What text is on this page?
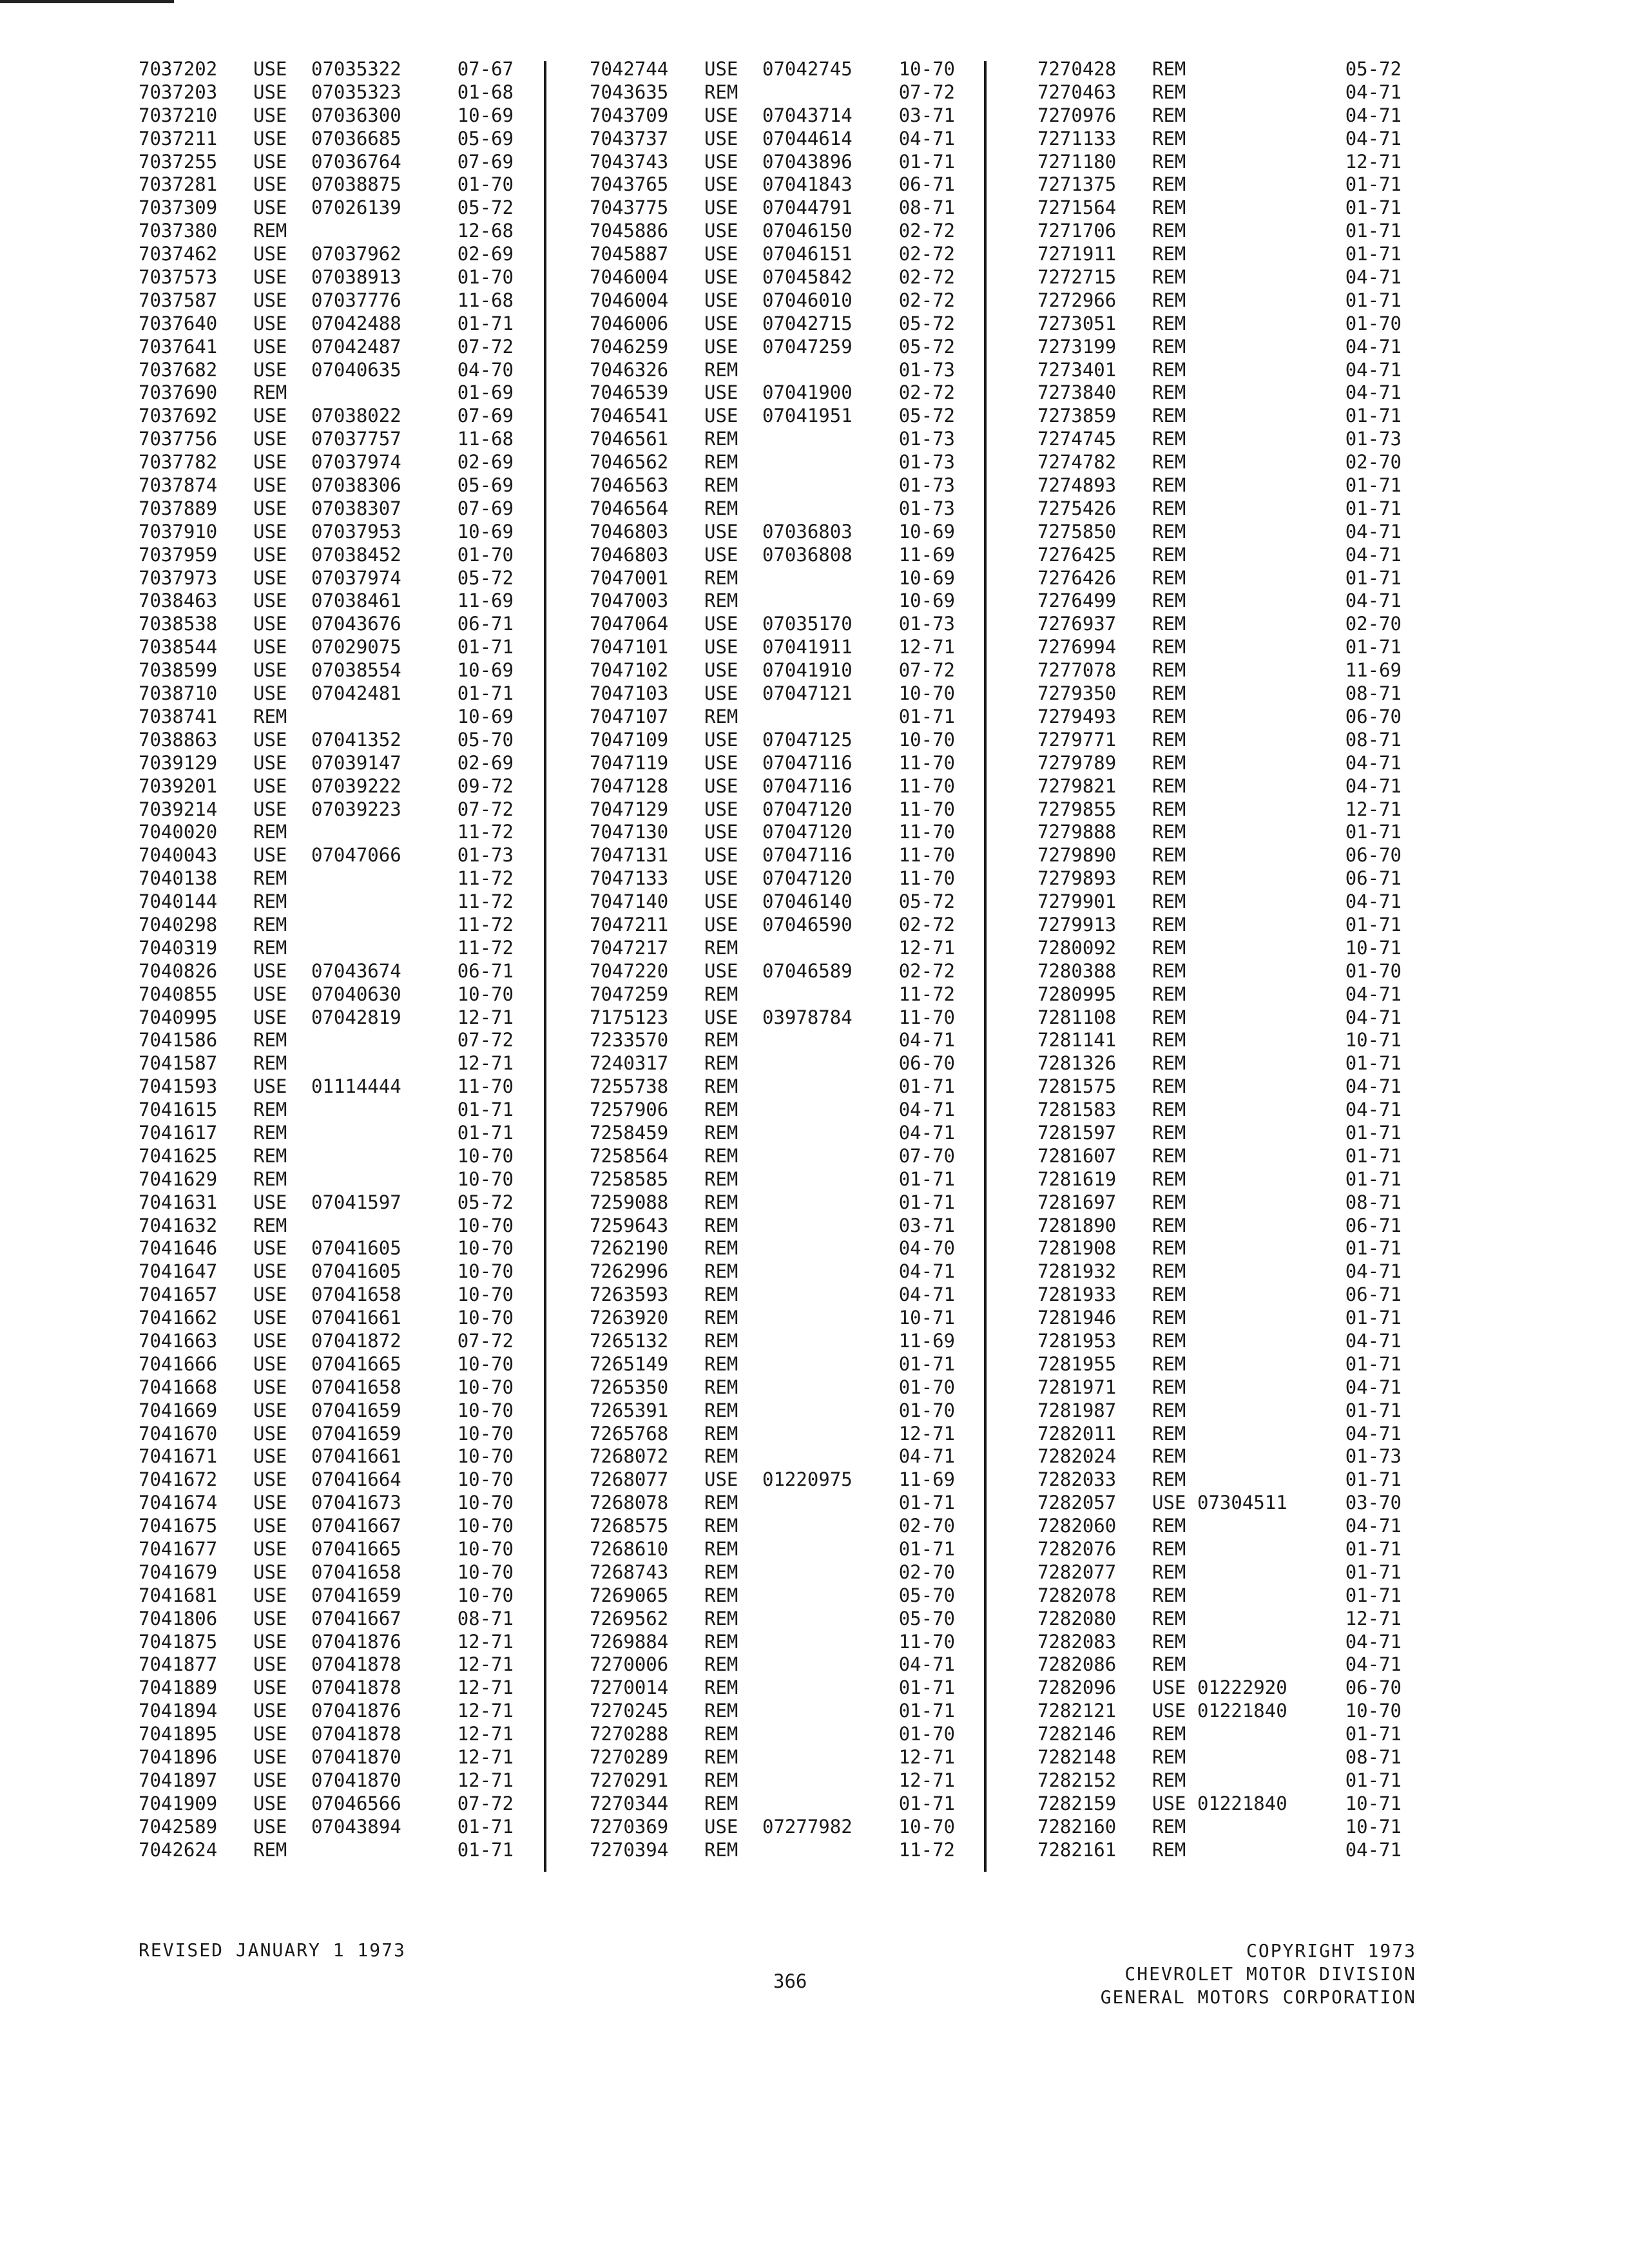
7037202 USE 07035322	07-67
7037203 USE 07035323	01-68
7037210 USE 07036300	10-69
7037211 USE 07036685	05-69
7037255 USE 07036764	07-69
7037281 USE 07038875	01-70
7037309 USE 07026139	05-72
7037380 REM	12-68
7037462 USE 07037962	02-69
7037573 USE 07038913	01-70
7037587 USE 07037776	11-68
7037640 USE 07042488	01-71
7037641 USE 07042487	07-72
7037682 USE 07040635	04-70
7037690 REM	01-69
7037692 USE 07038022	07-69
7037756 USE 07037757	11-68
7037782 USE 07037974	02-69
7037874 USE 07038306	05-69
7037889 USE 07038307	07-69
7037910 USE 07037953	10-69
7037959 USE 07038452	01-70
7037973 USE 07037974	05-72
7038463 USE 07038461	11-69
7038538 USE 07043676	06-71
7038544 USE 07029075	01-71
7038599 USE 07038554	10-69
7038710 USE 07042481	01-71
7038741 REM	10-69
7038863 USE 07041352	05-70
7039129 USE 07039147	02-69
7039201 USE 07039222	09-72
7039214 USE 07039223	07-72
7040020 REM	11-72
7040043 USE 07047066	01-73
7040138 REM	11-72
7040144 REM	11-72
7040298 REM	11-72
7040319 REM	11-72
7040826 USE 07043674	06-71
7040855 USE 07040630	10-70
7040995 USE 07042819	12-71
7041586 REM	07-72
7041587 REM	12-71
7041593 USE 01114444	11-70
7041615 REM	01-71
7041617 REM	01-71
7041625 REM	10-70
7041629 REM	10-70
7041631 USE 07041597	05-72
7041632 REM	10-70
7041646 USE 07041605	10-70
7041647 USE 07041605	10-70
7041657 USE 07041658	10-70
7041662 USE 07041661	10-70
7041663 USE 07041872	07-72
7041666 USE 07041665	10-70
7041668 USE 07041658	10-70
7041669 USE 07041659	10-70
7041670 USE 07041659	10-70
7041671 USE 07041661	10-70
7041672 USE 07041664	10-70
7041674 USE 07041673	10-70
7041675 USE 07041667	10-70
7041677 USE 07041665	10-70
7041679 USE 07041658	10-70
7041681 USE 07041659	10-70
7041806 USE 07041667	08-71
7041875 USE 07041876	12-71
7041877 USE 07041878	12-71
7041889 USE 07041878	12-71
7041894 USE 07041876	12-71
7041895 USE 07041878	12-71
7041896 USE 07041870	12-71
7041897 USE 07041870	12-71
7041909 USE 07046566	07-72
7042589 USE 07043894	01-71
7042624 REM	01-71
7042744 USE 07042745 10-70
7043635 REM	07-72
7043709 USE 07043714 03-71
7043737 USE 07044614 04-71
7043743 USE 07043896 01-71
7043765 USE 07041843 06-71
7043775 USE 07044791 08-71
7045886 USE 07046150 02-72
7045887 USE 07046151 02-72
7046004 USE 07045842 02-72
7046004 USE 07046010 02-72
7046006 USE 07042715 05-72
7046259 USE 07047259 05-72
7046326 REM	01-73
7046539 USE 07041900 02-72
7046541 USE 07041951 05-72
7046561 REM	01-73
7046562 REM	01-73
7046563 REM	01-73
7046564 REM	01-73
7046803 USE 07036803 10-69
7046803 USE 07036808 11-69
7047001 REM	10-69
7047003 REM	10-69
7047064 USE 07035170 01-73
7047101 USE 07041911 12-71
7047102 USE 07041910 07-72
7047103 USE 07047121 10-70
7047107 REM	01-71
7047109 USE 07047125 10-70
7047119 USE 07047116 11-70
7047128 USE 07047116 11-70
7047129 USE 07047120 11-70
7047130 USE 07047120 11-70
7047131 USE 07047116 11-70
7047133 USE 07047120 11-70
7047140 USE 07046140 05-72
7047211 USE 07046590 02-72
7047217 REM	12-71
7047220 USE 07046589 02-72
7047259 REM	11-72
7175123 USE 03978784 11-70
7233570 REM	04-71
7240317 REM	06-70
7255738 REM	01-71
7257906 REM	04-71
7258459 REM	04-71
7258564 REM	07-70
7258585 REM	01-71
7259088 REM	01-71
7259643 REM	03-71
7262190 REM	04-70
7262996 REM	04-71
7263593 REM	04-71
7263920 REM	10-71
7265132 REM	11-69
7265149 REM	01-71
7265350 REM	01-70
7265391 REM	01-70
7265768 REM	12-71
7268072 REM	04-71
7268077 USE 01220975 11-69
7268078 REM	01-71
7268575 REM	02-70
7268610 REM	01-71
7268743 REM	02-70
7269065 REM	05-70
7269562 REM	05-70
7269884 REM	11-70
7270006 REM	04-71
7270014 REM	01-71
7270245 REM	01-71
7270288 REM	01-70
7270289 REM	12-71
7270291 REM	12-71
7270344 REM	01-71
7270369 USE 07277982 10-70
7270394 REM	11-72
7270428 REM	05-72
7270463 REM	04-71
7270976 REM	04-71
7271133 REM	04-71
7271180 REM	12-71
7271375 REM	01-71
7271564 REM	01-71
7271706 REM	01-71
7271911 REM	01-71
7272715 REM	04-71
7272966 REM	01-71
7273051 REM	01-70
7273199 REM	04-71
7273401 REM	04-71
7273840 REM	04-71
7273859 REM	01-71
7274745 REM	01-73
7274782 REM	02-70
7274893 REM	01-71
7275426 REM	01-71
7275850 REM	04-71
7276425 REM	04-71
7276426 REM	01-71
7276499 REM	04-71
7276937 REM	02-70
7276994 REM	01-71
7277078 REM	11-69
7279350 REM	08-71
7279493 REM	06-70
7279771 REM	08-71
7279789 REM	04-71
7279821 REM	04-71
7279855 REM	12-71
7279888 REM	01-71
7279890 REM	06-70
7279893 REM	06-71
7279901 REM	04-71
7279913 REM	01-71
7280092 REM	10-71
7280388 REM	01-70
7280995 REM	04-71
7281108 REM	04-71
7281141 REM	10-71
7281326 REM	01-71
7281575 REM	04-71
7281583 REM	04-71
7281597 REM	01-71
7281607 REM	01-71
7281619 REM	01-71
7281697 REM	08-71
7281890 REM	06-71
7281908 REM	01-71
7281932 REM	04-71
7281933 REM	06-71
7281946 REM	01-71
7281953 REM	04-71
7281955 REM	01-71
7281971 REM	04-71
7281987 REM	01-71
7282011 REM	04-71
7282024 REM	01-73
7282033 REM	01-71
7282057 USE 07304511	03-70
7282060 REM	04-71
7282076 REM	01-71
7282077 REM	01-71
7282078 REM	01-71
7282080 REM	12-71
7282083 REM	04-71
7282086 REM	04-71
7282096 USE 01222920	06-70
7282121 USE 01221840	10-70
7282146 REM	01-71
7282148 REM	08-71
7282152 REM	01-71
7282159 USE 01221840	10-71
7282160 REM	10-71
7282161 REM	04-71
REVISED JANUARY 1 1973
366
COPYRIGHT 1973
CHEVROLET MOTOR DIVISION
GENERAL MOTORS CORPORATION
